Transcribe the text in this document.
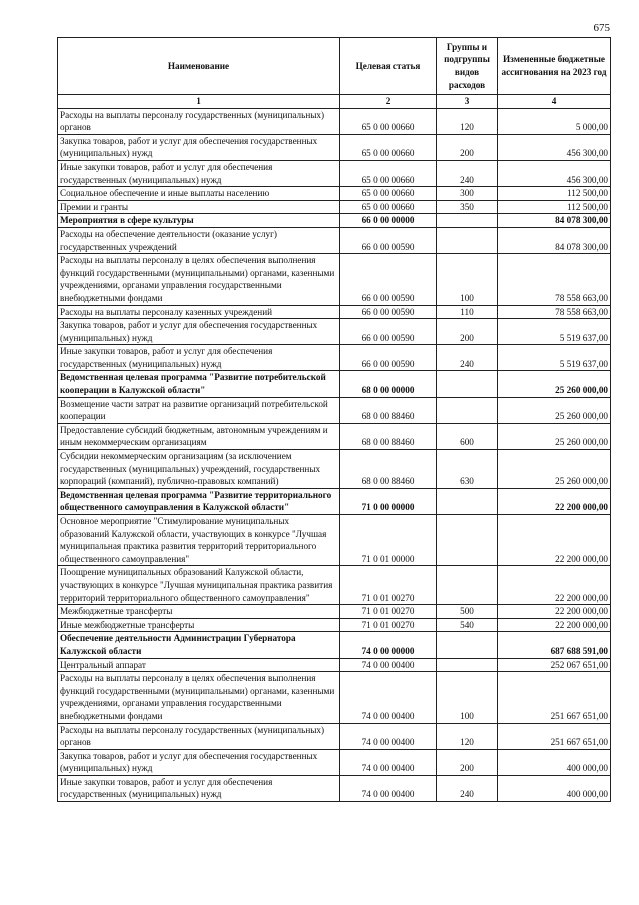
675
Наименование	Целевая статья	Группы и подгруппы видов расходов	Измененные бюджетные ассигнования на 2023 год
1	2	3	4
Расходы на выплаты персоналу государственных (муниципальных) органов	65 0 00 00660	120	5 000,00
Закупка товаров, работ и услуг для обеспечения государственных (муниципальных) нужд	65 0 00 00660	200	456 300,00
Иные закупки товаров, работ и услуг для обеспечения государственных (муниципальных) нужд	65 0 00 00660	240	456 300,00
Социальное обеспечение и иные выплаты населению	65 0 00 00660	300	112 500,00
Премии и гранты	65 0 00 00660	350	112 500,00
Мероприятия в сфере культуры	66 0 00 00000		84 078 300,00
Расходы на обеспечение деятельности (оказание услуг) государственных учреждений	66 0 00 00590		84 078 300,00
Расходы на выплаты персоналу в целях обеспечения выполнения функций государственными (муниципальными) органами, казенными учреждениями, органами управления государственными внебюджетными фондами	66 0 00 00590	100	78 558 663,00
Расходы на выплаты персоналу казенных учреждений	66 0 00 00590	110	78 558 663,00
Закупка товаров, работ и услуг для обеспечения государственных (муниципальных) нужд	66 0 00 00590	200	5 519 637,00
Иные закупки товаров, работ и услуг для обеспечения государственных (муниципальных) нужд	66 0 00 00590	240	5 519 637,00
Ведомственная целевая программа "Развитие потребительской кооперации в Калужской области"	68 0 00 00000		25 260 000,00
Возмещение части затрат на развитие организаций потребительской кооперации	68 0 00 88460		25 260 000,00
Предоставление субсидий бюджетным, автономным учреждениям и иным некоммерческим организациям	68 0 00 88460	600	25 260 000,00
Субсидии некоммерческим организациям (за исключением государственных (муниципальных) учреждений, государственных корпораций (компаний), публично-правовых компаний)	68 0 00 88460	630	25 260 000,00
Ведомственная целевая программа "Развитие территориального общественного самоуправления в Калужской области"	71 0 00 00000		22 200 000,00
Основное мероприятие "Стимулирование муниципальных образований Калужской области, участвующих в конкурсе "Лучшая муниципальная практика развития территорий территориального общественного самоуправления"	71 0 01 00000		22 200 000,00
Поощрение муниципальных образований Калужской области, участвующих в конкурсе "Лучшая муниципальная практика развития территорий территориального общественного самоуправления"	71 0 01 00270		22 200 000,00
Межбюджетные трансферты	71 0 01 00270	500	22 200 000,00
Иные межбюджетные трансферты	71 0 01 00270	540	22 200 000,00
Обеспечение деятельности Администрации Губернатора Калужской области	74 0 00 00000		687 688 591,00
Центральный аппарат	74 0 00 00400		252 067 651,00
Расходы на выплаты персоналу в целях обеспечения выполнения функций государственными (муниципальными) органами, казенными учреждениями, органами управления государственными внебюджетными фондами	74 0 00 00400	100	251 667 651,00
Расходы на выплаты персоналу государственных (муниципальных) органов	74 0 00 00400	120	251 667 651,00
Закупка товаров, работ и услуг для обеспечения государственных (муниципальных) нужд	74 0 00 00400	200	400 000,00
Иные закупки товаров, работ и услуг для обеспечения государственных (муниципальных) нужд	74 0 00 00400	240	400 000,00
